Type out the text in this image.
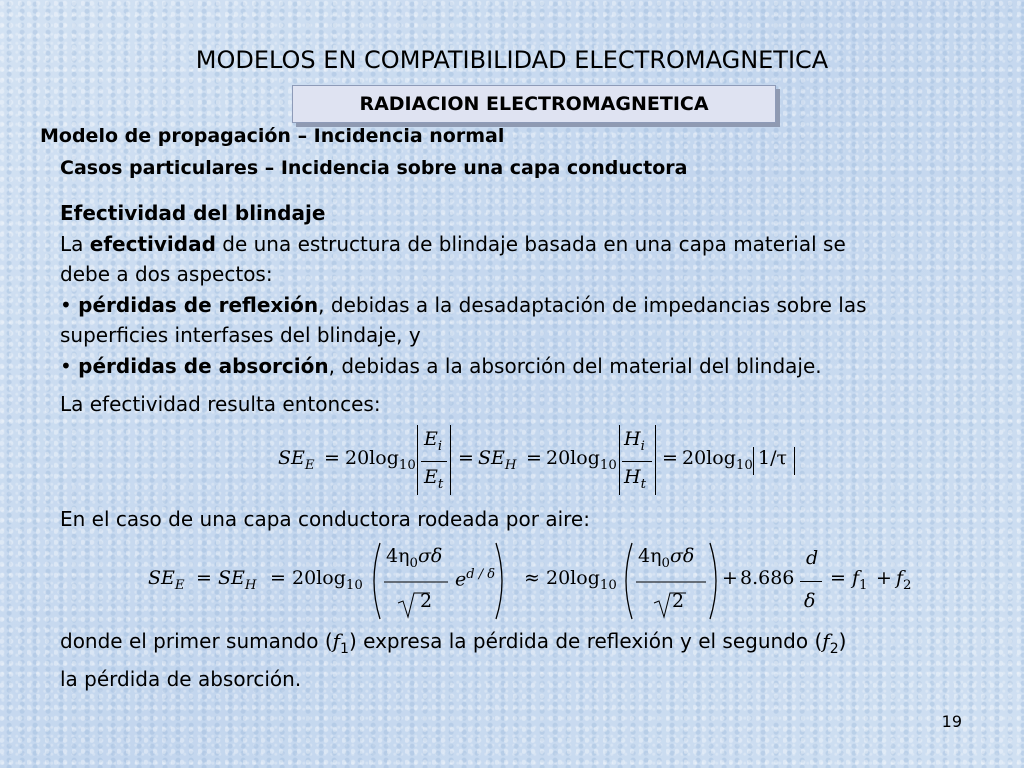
MODELOS EN COMPATIBILIDAD ELECTROMAGNETICA
RADIACION ELECTROMAGNETICA
Modelo de propagación – Incidencia normal
Casos particulares – Incidencia sobre una capa conductora
Efectividad del blindaje
La efectividad de una estructura de blindaje basada en una capa material se
debe a dos aspectos:
• pérdidas de reflexión, debidas a la desadaptación de impedancias sobre las
superficies interfases del blindaje, y
• pérdidas de absorción, debidas a la absorción del material del blindaje.
La efectividad resulta entonces:
$SE_E = 20\log_{10}$
$E_i$
$E_t$
= $SE_H = 20\log_{10}$
$H_i$
$H_t$
= $20\log_{10}$ 1/τ
En el caso de una capa conductora rodeada por aire:
$SE_E = SE_H = 20\log_{10}$
$4\eta_0\sigma\delta$
2
$e^{d / \delta} \approx 20\log_{10}$
$4\eta_0\sigma\delta$
2
+ 8.686
d
δ
= $f_1 + f_2$
donde el primer sumando $(f_1)$ expresa la pérdida de reflexión y el segundo $(f_2)$
la pérdida de absorción.
19
